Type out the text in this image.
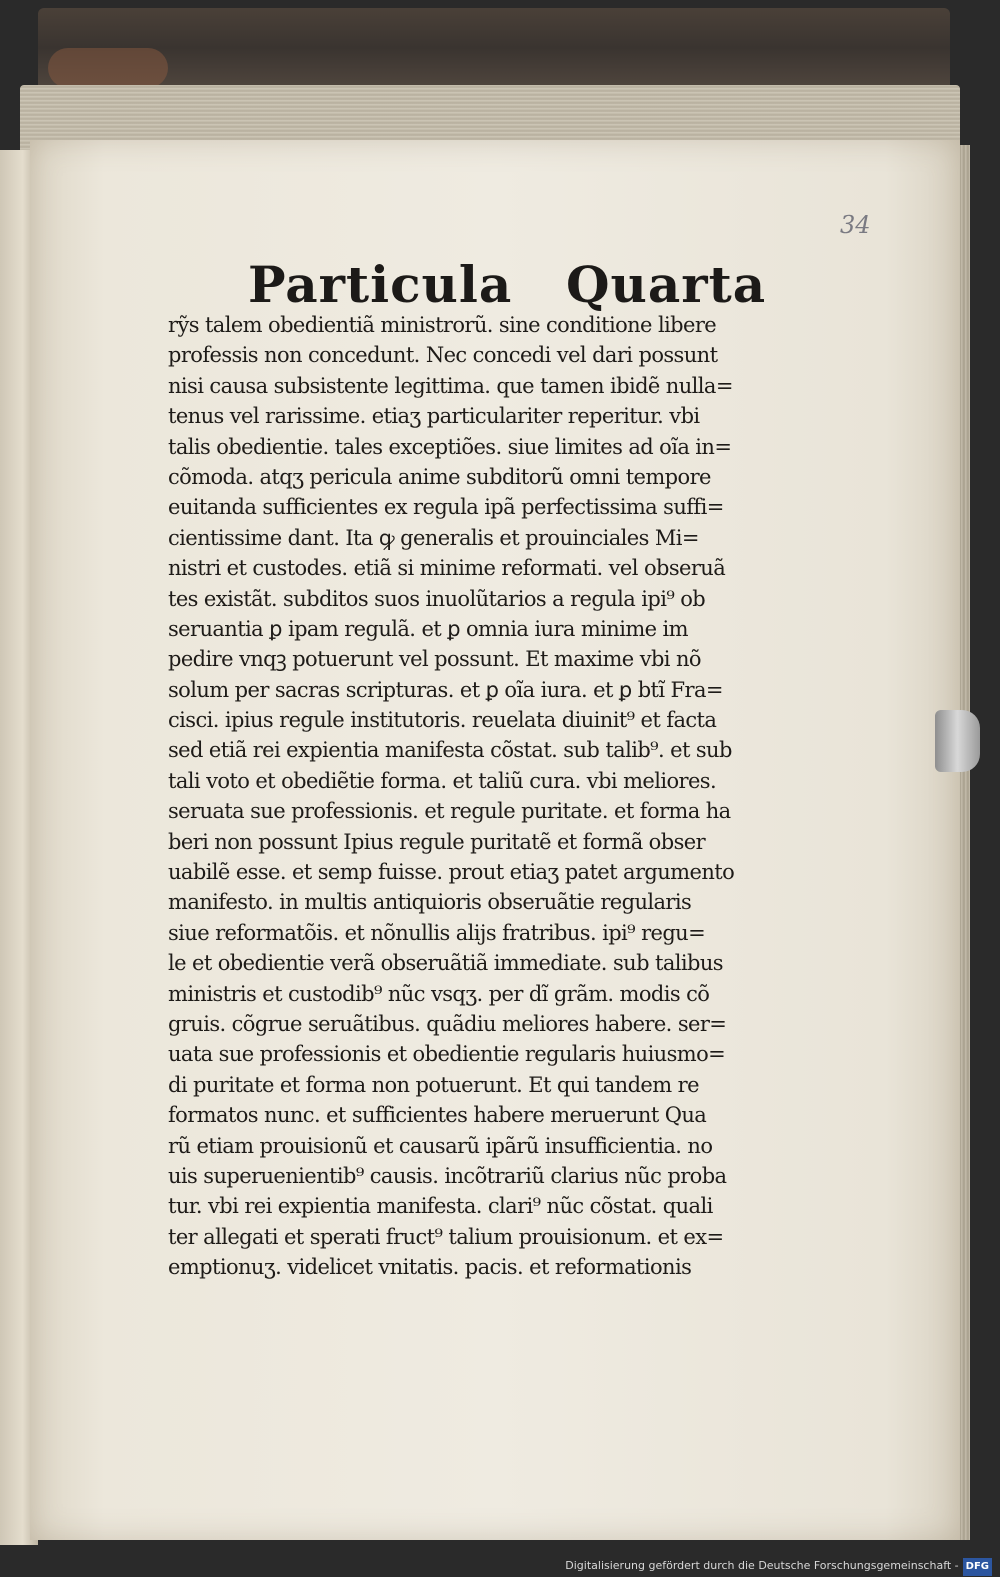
34
Particula Quarta
rỹs talem obedientiã ministrorũ. sine conditione libere
professis non concedunt. Nec concedi vel dari possunt
nisi causa subsistente legittima. que tamen ibidẽ nulla=
tenus vel rarissime. etiaʒ particulariter reperitur. vbi
talis obedientie. tales exceptiões. siue limites ad oĩa in=
cõmoda. atqʒ pericula anime subditorũ omni tempore
euitanda sufficientes ex regula ipã perfectissima suffi=
cientissime dant. Ita ꝙ generalis et prouinciales Mi=
nistri et custodes. etiã si minime reformati. vel obseruã
tes existãt. subditos suos inuolũtarios a regula ipi⁹ ob
seruantia ꝑ ipam regulã. et ꝑ omnia iura minime im
pedire vnqꝫ potuerunt vel possunt. Et maxime vbi nõ
solum per sacras scripturas. et ꝑ oĩa iura. et ꝑ btĩ Fra=
cisci. ipius regule institutoris. reuelata diuinit⁹ et facta
sed etiã rei expientia manifesta cõstat. sub talib⁹. et sub
tali voto et obediẽtie forma. et taliũ cura. vbi meliores.
seruata sue professionis. et regule puritate. et forma ha
beri non possunt Ipius regule puritatẽ et formã obser
uabilẽ esse. et semp fuisse. prout etiaʒ patet argumento
manifesto. in multis antiquioris obseruãtie regularis
siue reformatõis. et nõnullis alijs fratribus. ipi⁹ regu=
le et obedientie verã obseruãtiã immediate. sub talibus
ministris et custodib⁹ nũc vsqʒ. per dĩ grãm. modis cõ
gruis. cõgrue seruãtibus. quãdiu meliores habere. ser=
uata sue professionis et obedientie regularis huiusmo=
di puritate et forma non potuerunt. Et qui tandem re
formatos nunc. et sufficientes habere meruerunt Qua
rũ etiam prouisionũ et causarũ ipãrũ insufficientia. no
uis superuenientib⁹ causis. incõtrariũ clarius nũc proba
tur. vbi rei expientia manifesta. clari⁹ nũc cõstat. quali
ter allegati et sperati fruct⁹ talium prouisionum. et ex=
emptionuʒ. videlicet vnitatis. pacis. et reformationis
Digitalisierung gefördert durch die Deutsche Forschungsgemeinschaft - DFG
